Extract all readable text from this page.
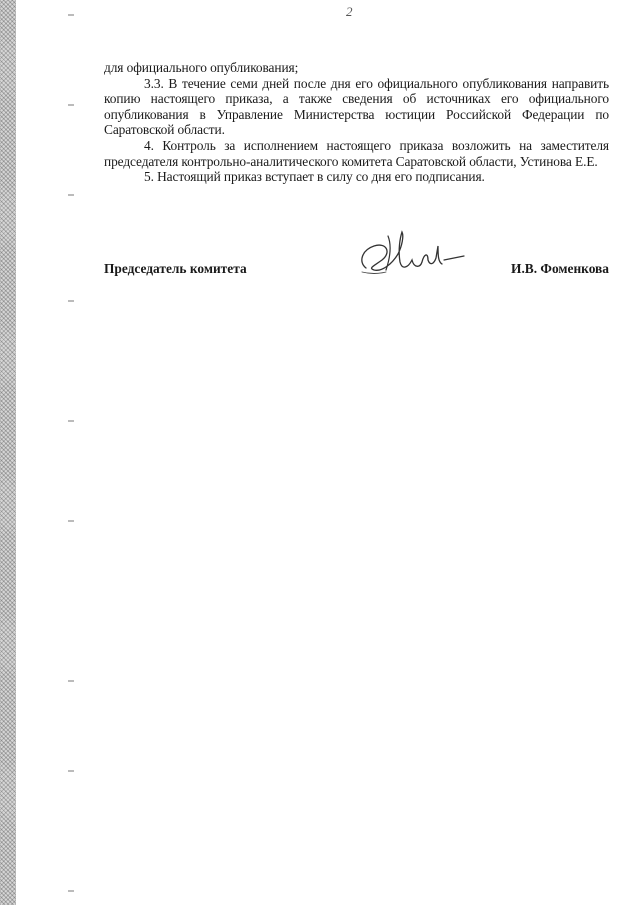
2

для официального опубликования;

3.3. В течение семи дней после дня его официального опубликования направить копию настоящего приказа, а также сведения об источниках его официального опубликования в Управление Министерства юстиции Российской Федерации по Саратовской области.

4. Контроль за исполнением настоящего приказа возложить на заместителя председателя контрольно-аналитического комитета Саратовской области, Устинова Е.Е.

5. Настоящий приказ вступает в силу со дня его подписания.

Председатель комитета	И.В. Фоменкова
